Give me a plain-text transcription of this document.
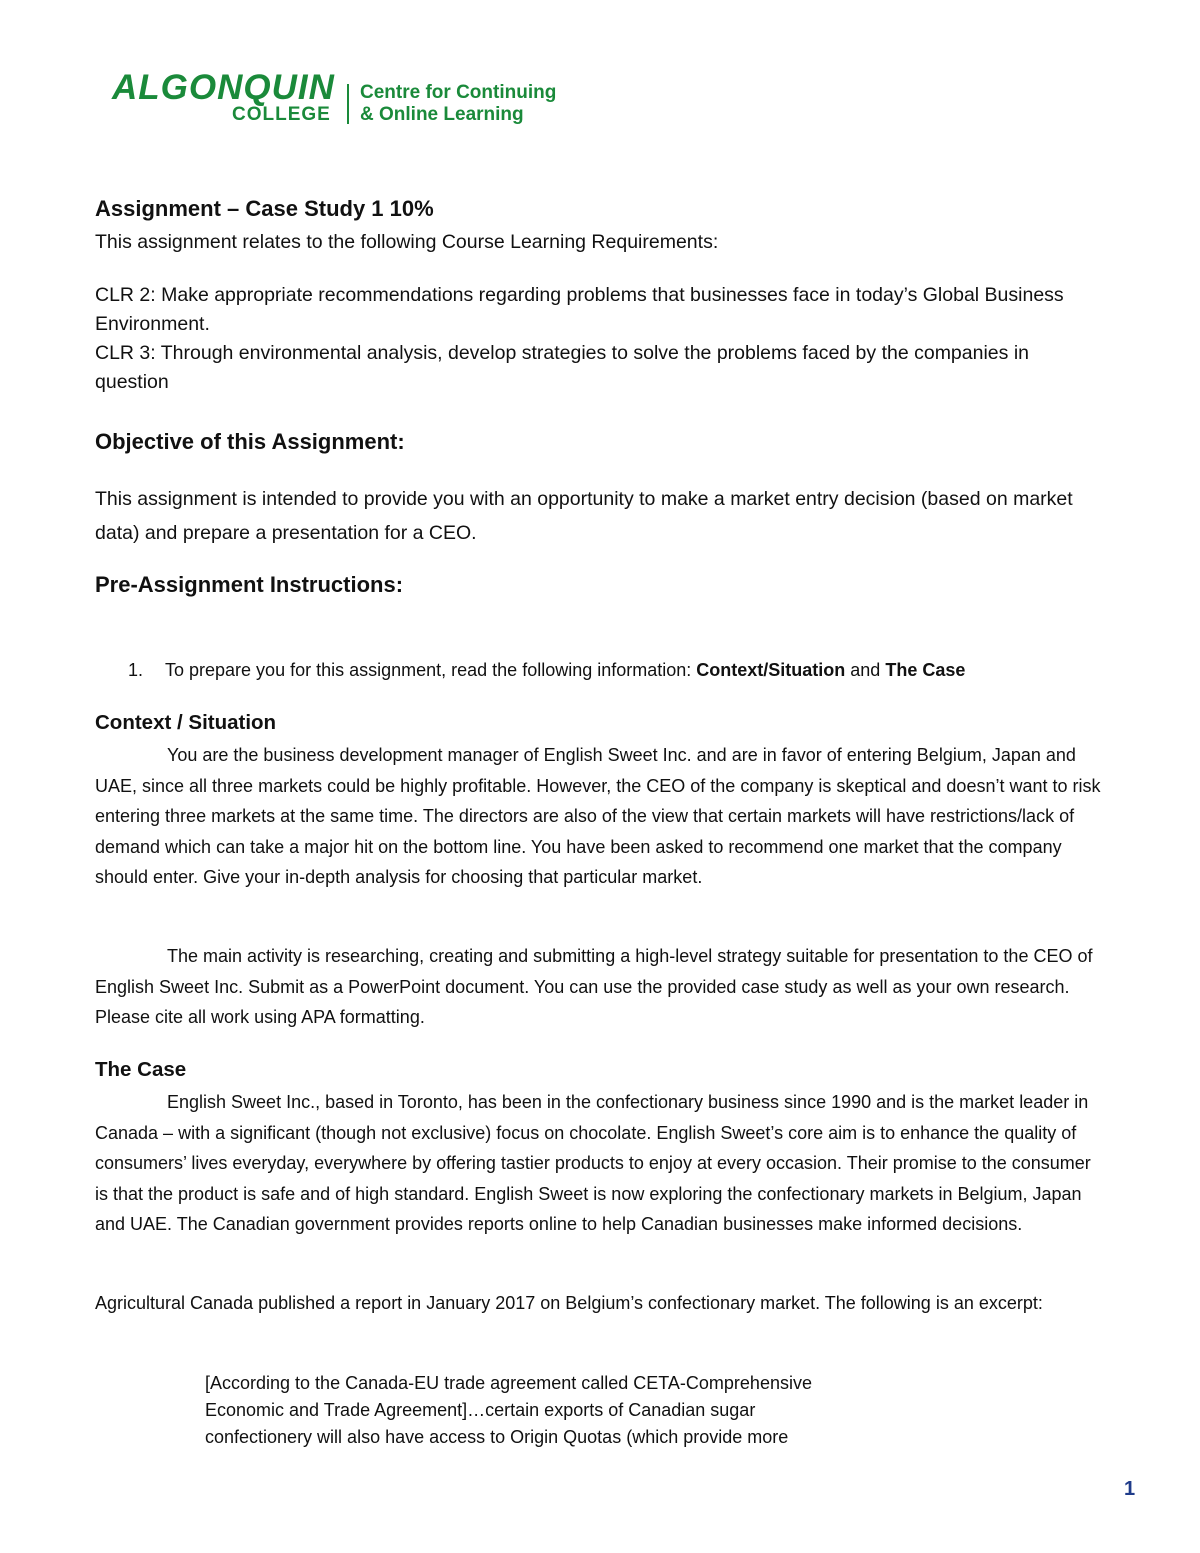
ALGONQUIN
COLLEGE
Centre for Continuing
& Online Learning
Assignment – Case Study 1 10%
This assignment relates to the following Course Learning Requirements:
CLR 2: Make appropriate recommendations regarding problems that businesses face in today’s Global Business Environment.
CLR 3: Through environmental analysis, develop strategies to solve the problems faced by the companies in question
Objective of this Assignment:
This assignment is intended to provide you with an opportunity to make a market entry decision (based on market data) and prepare a presentation for a CEO.
Pre-Assignment Instructions:
1. To prepare you for this assignment, read the following information: Context/Situation and The Case
Context / Situation
You are the business development manager of English Sweet Inc. and are in favor of entering Belgium, Japan and UAE, since all three markets could be highly profitable. However, the CEO of the company is skeptical and doesn’t want to risk entering three markets at the same time. The directors are also of the view that certain markets will have restrictions/lack of demand which can take a major hit on the bottom line. You have been asked to recommend one market that the company should enter. Give your in-depth analysis for choosing that particular market.
The main activity is researching, creating and submitting a high-level strategy suitable for presentation to the CEO of English Sweet Inc. Submit as a PowerPoint document. You can use the provided case study as well as your own research. Please cite all work using APA formatting.
The Case
English Sweet Inc., based in Toronto, has been in the confectionary business since 1990 and is the market leader in Canada – with a significant (though not exclusive) focus on chocolate. English Sweet’s core aim is to enhance the quality of consumers’ lives everyday, everywhere by offering tastier products to enjoy at every occasion. Their promise to the consumer is that the product is safe and of high standard. English Sweet is now exploring the confectionary markets in Belgium, Japan and UAE. The Canadian government provides reports online to help Canadian businesses make informed decisions.
Agricultural Canada published a report in January 2017 on Belgium’s confectionary market. The following is an excerpt:
[According to the Canada-EU trade agreement called CETA-Comprehensive
Economic and Trade Agreement]…certain exports of Canadian sugar
confectionery will also have access to Origin Quotas (which provide more
1
